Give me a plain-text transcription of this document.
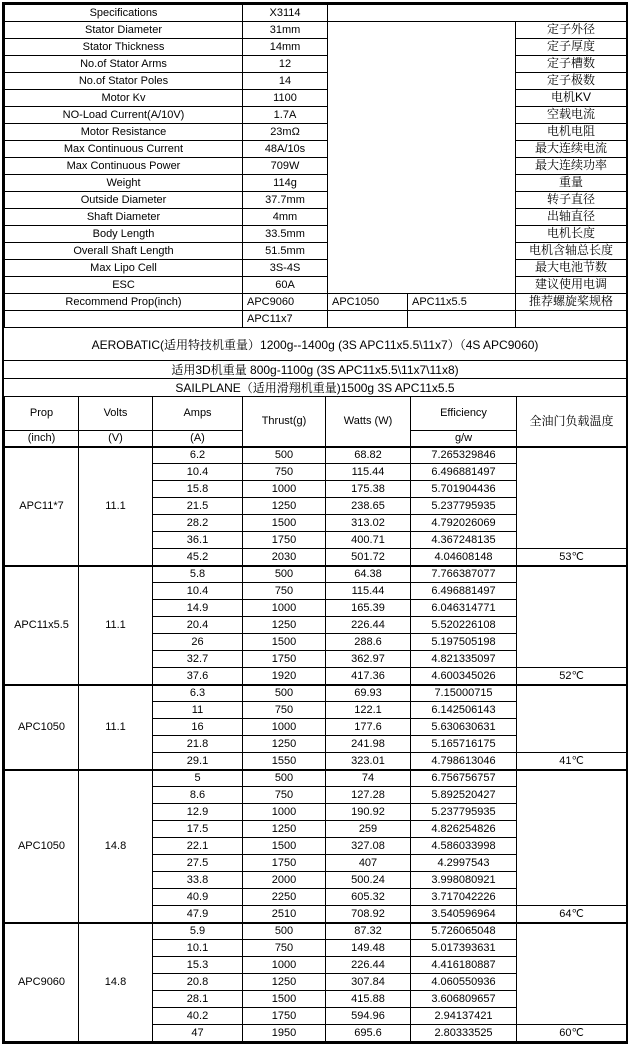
Specifications	X3114			
Stator Diameter	31mm			定子外径
Stator Thickness	14mm			定子厚度
No.of Stator Arms	12			定子槽数
No.of Stator Poles	14			定子极数
Motor Kv	1100			电机KV
NO-Load Current(A/10V)	1.7A			空载电流
Motor Resistance	23mΩ			电机电阻
Max Continuous Current	48A/10s			最大连续电流
Max Continuous Power	709W			最大连续功率
Weight	114g			重量
Outside Diameter	37.7mm			转子直径
Shaft Diameter	4mm			出轴直径
Body Length	33.5mm			电机长度
Overall Shaft Length	51.5mm			电机含轴总长度
Max Lipo Cell	3S-4S			最大电池节数
ESC	60A			建议使用电调
Recommend Prop(inch)	APC9060	APC1050	APC11x5.5	推荐螺旋桨规格
	APC11x7			
AEROBATIC(适用特技机重量）1200g--1400g (3S APC11x5.5\11x7）（4S APC9060)
适用3D机重量 800g-1100g (3S APC11x5.5\11x7\11x8)
SAILPLANE（适用滑翔机重量)1500g 3S APC11x5.5
Prop	Volts	Amps	Thrust(g)	Watts (W)	Efficiency	全油门负载温度
(inch)	(V)	(A)			g/w	
APC11*7	11.1	6.2	500	68.82	7.265329846	
		10.4	750	115.44	6.496881497	
		15.8	1000	175.38	5.701904436	
		21.5	1250	238.65	5.237795935	
		28.2	1500	313.02	4.792026069	
		36.1	1750	400.71	4.367248135	
		45.2	2030	501.72	4.04608148	53℃
APC11x5.5	11.1	5.8	500	64.38	7.766387077	
		10.4	750	115.44	6.496881497	
		14.9	1000	165.39	6.046314771	
		20.4	1250	226.44	5.520226108	
		26	1500	288.6	5.197505198	
		32.7	1750	362.97	4.821335097	
		37.6	1920	417.36	4.600345026	52℃
APC1050	11.1	6.3	500	69.93	7.15000715	
		11	750	122.1	6.142506143	
		16	1000	177.6	5.630630631	
		21.8	1250	241.98	5.165716175	
		29.1	1550	323.01	4.798613046	41℃
APC1050	14.8	5	500	74	6.756756757	
		8.6	750	127.28	5.892520427	
		12.9	1000	190.92	5.237795935	
		17.5	1250	259	4.826254826	
		22.1	1500	327.08	4.586033998	
		27.5	1750	407	4.2997543	
		33.8	2000	500.24	3.998080921	
		40.9	2250	605.32	3.717042226	
		47.9	2510	708.92	3.540596964	64℃
APC9060	14.8	5.9	500	87.32	5.726065048	
		10.1	750	149.48	5.017393631	
		15.3	1000	226.44	4.416180887	
		20.8	1250	307.84	4.060550936	
		28.1	1500	415.88	3.606809657	
		40.2	1750	594.96	2.94137421	
		47	1950	695.6	2.80333525	60℃
